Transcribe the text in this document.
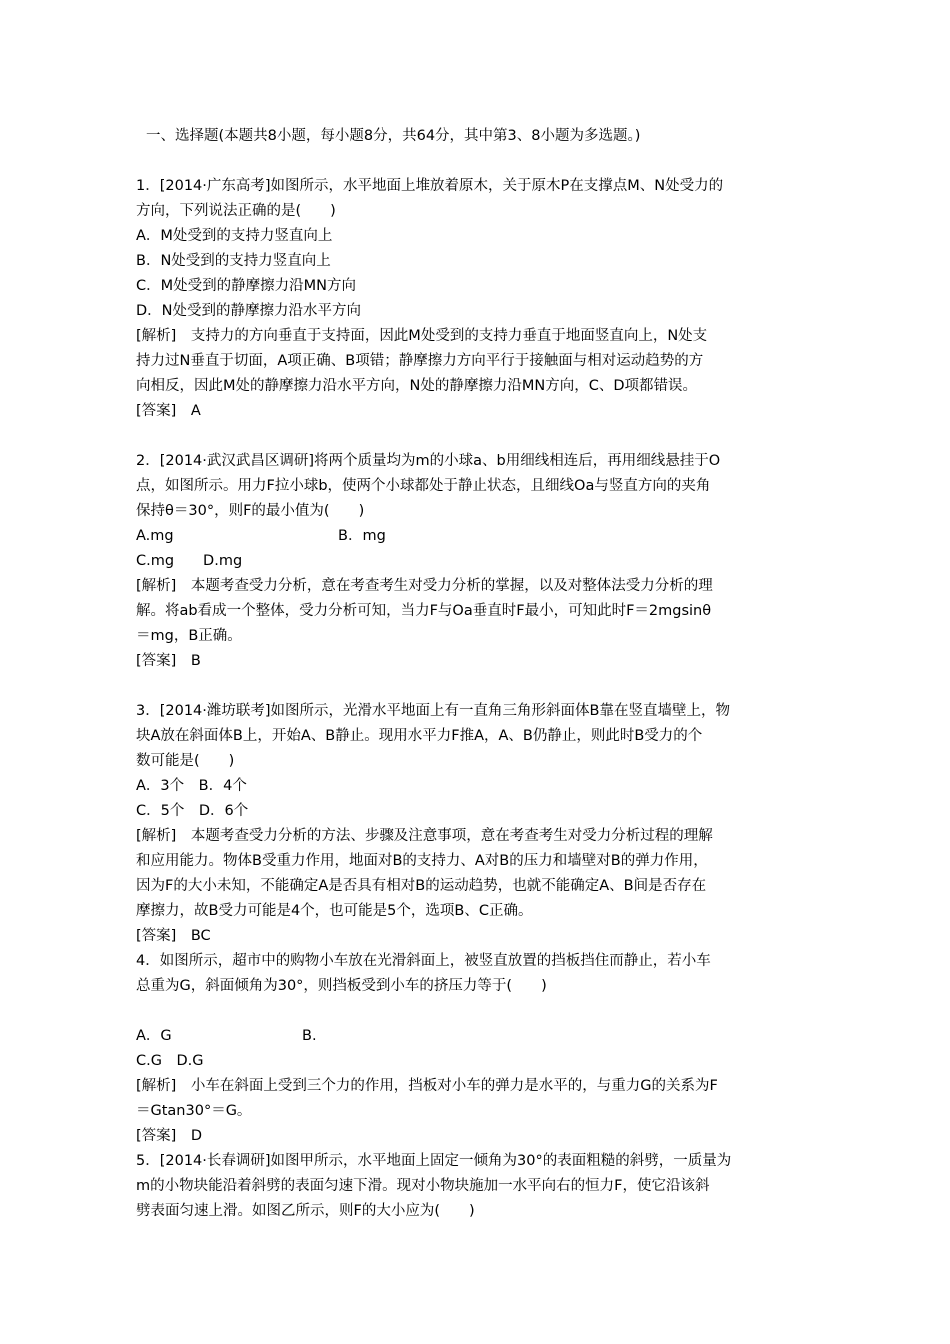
一、选择题(本题共8小题，每小题8分，共64分，其中第3、8小题为多选题。)
1．[2014·广东高考]如图所示，水平地面上堆放着原木，关于原木P在支撑点M、N处受力的
方向，下列说法正确的是(　　)
A．M处受到的支持力竖直向上
B．N处受到的支持力竖直向上
C．M处受到的静摩擦力沿MN方向
D．N处受到的静摩擦力沿水平方向
[解析]　支持力的方向垂直于支持面，因此M处受到的支持力垂直于地面竖直向上，N处支
持力过N垂直于切面，A项正确、B项错；静摩擦力方向平行于接触面与相对运动趋势的方
向相反，因此M处的静摩擦力沿水平方向，N处的静摩擦力沿MN方向，C、D项都错误。
[答案]　A
2．[2014·武汉武昌区调研]将两个质量均为m的小球a、b用细线相连后，再用细线悬挂于O
点，如图所示。用力F拉小球b，使两个小球都处于静止状态，且细线Oa与竖直方向的夹角
保持θ＝30°，则F的最小值为(　　)
A.mg	B．mg
C.mg　　D.mg
[解析]　本题考查受力分析，意在考查考生对受力分析的掌握，以及对整体法受力分析的理
解。将ab看成一个整体，受力分析可知，当力F与Oa垂直时F最小，可知此时F＝2mgsinθ
＝mg，B正确。
[答案]　B
3．[2014·潍坊联考]如图所示，光滑水平地面上有一直角三角形斜面体B靠在竖直墙壁上，物
块A放在斜面体B上，开始A、B静止。现用水平力F推A，A、B仍静止，则此时B受力的个
数可能是(　　)
A．3个　B．4个
C．5个　D．6个
[解析]　本题考查受力分析的方法、步骤及注意事项，意在考查考生对受力分析过程的理解
和应用能力。物体B受重力作用，地面对B的支持力、A对B的压力和墙壁对B的弹力作用，
因为F的大小未知，不能确定A是否具有相对B的运动趋势，也就不能确定A、B间是否存在
摩擦力，故B受力可能是4个，也可能是5个，选项B、C正确。
[答案]　BC
4．如图所示，超市中的购物小车放在光滑斜面上，被竖直放置的挡板挡住而静止，若小车
总重为G，斜面倾角为30°，则挡板受到小车的挤压力等于(　　)
A．G	B.
C.G　D.G
[解析]　小车在斜面上受到三个力的作用，挡板对小车的弹力是水平的，与重力G的关系为F
＝Gtan30°＝G。
[答案]　D
5．[2014·长春调研]如图甲所示，水平地面上固定一倾角为30°的表面粗糙的斜劈，一质量为
m的小物块能沿着斜劈的表面匀速下滑。现对小物块施加一水平向右的恒力F，使它沿该斜
劈表面匀速上滑。如图乙所示，则F的大小应为(　　)
